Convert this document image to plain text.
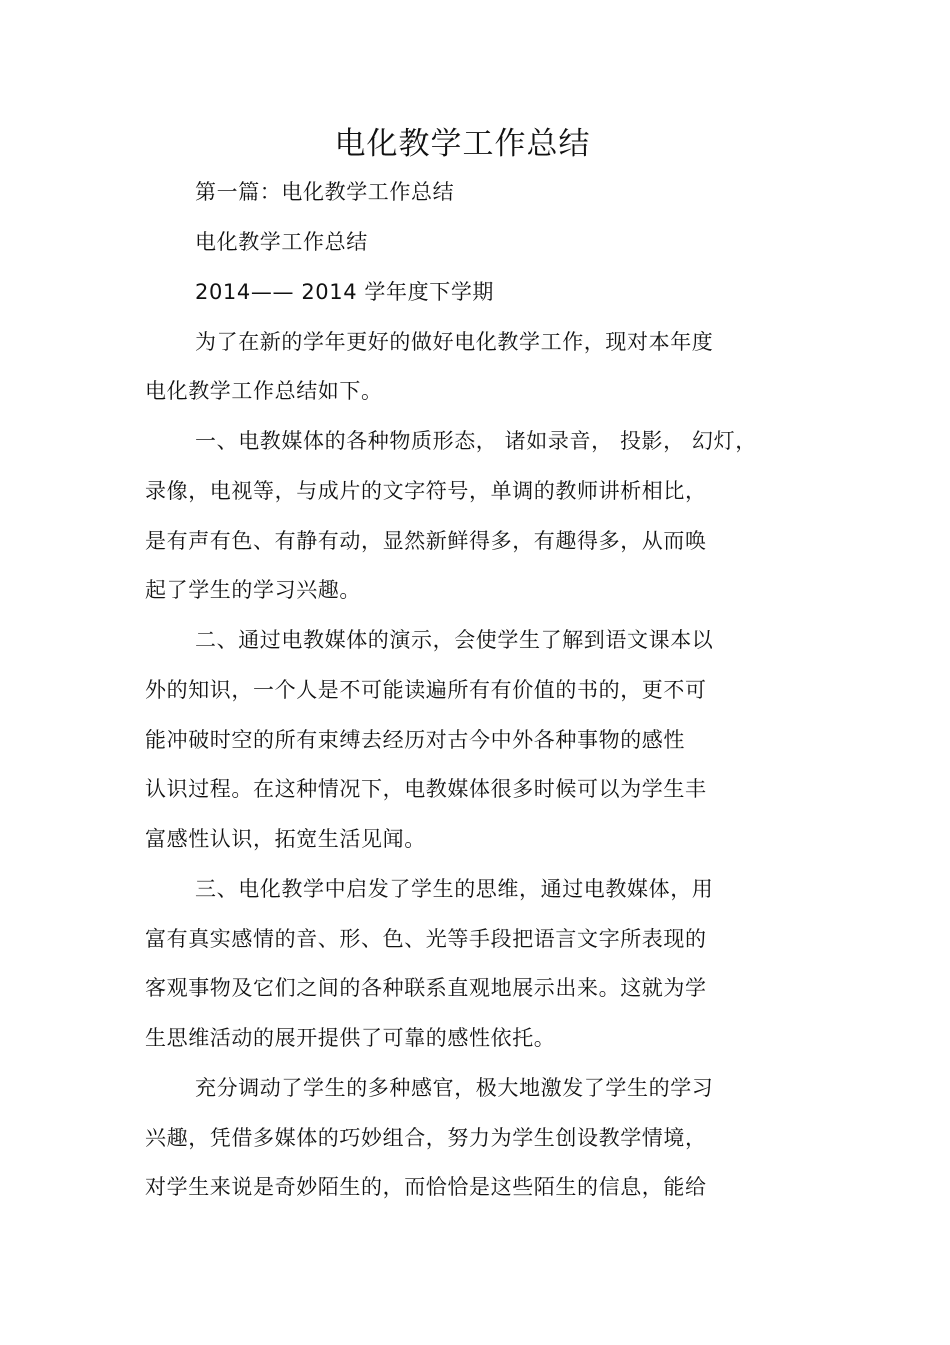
电化教学工作总结

第一篇：电化教学工作总结

电化教学工作总结

2014—— 2014 学年度下学期

为了在新的学年更好的做好电化教学工作，现对本年度

电化教学工作总结如下。

一、电教媒体的各种物质形态， 诸如录音， 投影， 幻灯，

录像，电视等，与成片的文字符号，单调的教师讲析相比，

是有声有色、有静有动，显然新鲜得多，有趣得多，从而唤

起了学生的学习兴趣。

二、通过电教媒体的演示，会使学生了解到语文课本以

外的知识，一个人是不可能读遍所有有价值的书的，更不可

能冲破时空的所有束缚去经历对古今中外各种事物的感性

认识过程。在这种情况下，电教媒体很多时候可以为学生丰

富感性认识，拓宽生活见闻。

三、电化教学中启发了学生的思维，通过电教媒体，用

富有真实感情的音、形、色、光等手段把语言文字所表现的

客观事物及它们之间的各种联系直观地展示出来。这就为学

生思维活动的展开提供了可靠的感性依托。

充分调动了学生的多种感官，极大地激发了学生的学习

兴趣，凭借多媒体的巧妙组合，努力为学生创设教学情境，

对学生来说是奇妙陌生的，而恰恰是这些陌生的信息，能给
